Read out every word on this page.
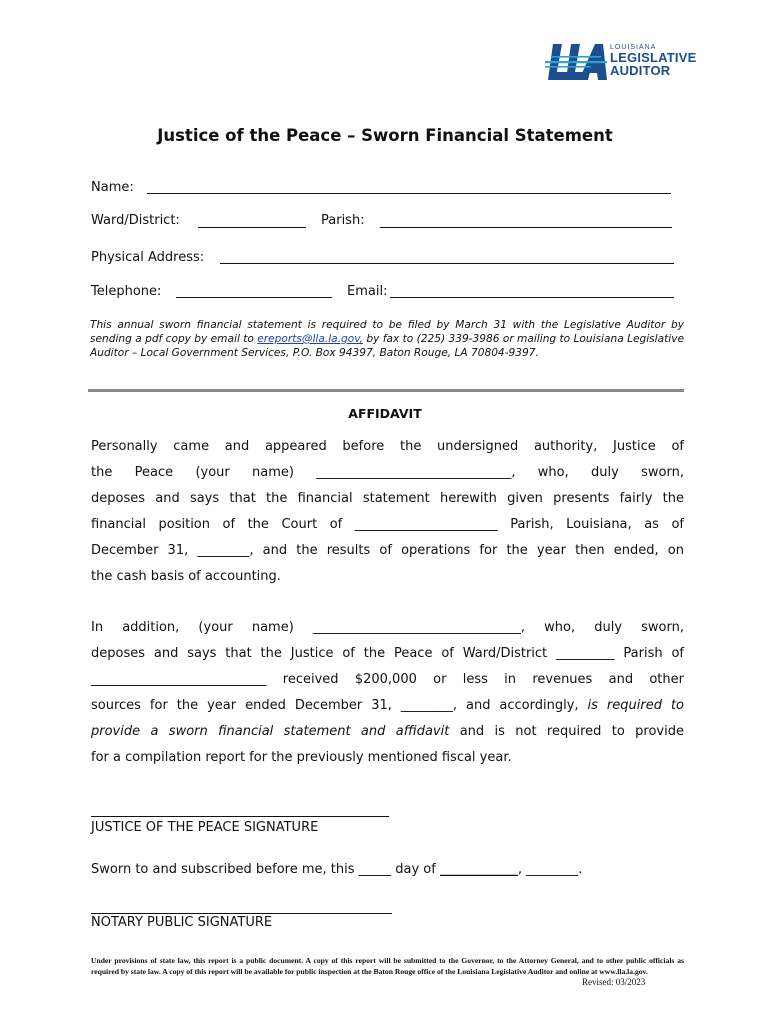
LOUISIANA
LEGISLATIVE
AUDITOR
Justice of the Peace – Sworn Financial Statement
Name:
Ward/District:	Parish:
Physical Address:
Telephone:	Email:
This annual sworn financial statement is required to be filed by March 31 with the Legislative Auditor by sending a pdf copy by email to ereports@lla.la.gov, by fax to (225) 339-3986 or mailing to Louisiana Legislative Auditor – Local Government Services, P.O. Box 94397, Baton Rouge, LA 70804-9397.
AFFIDAVIT
Personally came and appeared before the undersigned authority, Justice of
the Peace (your name) ______________________________, who, duly sworn,
deposes and says that the financial statement herewith given presents fairly the
financial position of the Court of ______________________ Parish, Louisiana, as of
December 31, ________, and the results of operations for the year then ended, on
the cash basis of accounting.
In addition, (your name) ________________________________, who, duly sworn,
deposes and says that the Justice of the Peace of Ward/District _________ Parish of
___________________________ received $200,000 or less in revenues and other
sources for the year ended December 31, ________, and accordingly, is required to
provide a sworn financial statement and affidavit and is not required to provide
for a compilation report for the previously mentioned fiscal year.
JUSTICE OF THE PEACE SIGNATURE
Sworn to and subscribed before me, this _____ day of ____________, ________.
NOTARY PUBLIC SIGNATURE
Under provisions of state law, this report is a public document. A copy of this report will be submitted to the Governor, to the Attorney General, and to other public officials as required by state law. A copy of this report will be available for public inspection at the Baton Rouge office of the Louisiana Legislative Auditor and online at www.lla.la.gov.
Revised: 03/2023
